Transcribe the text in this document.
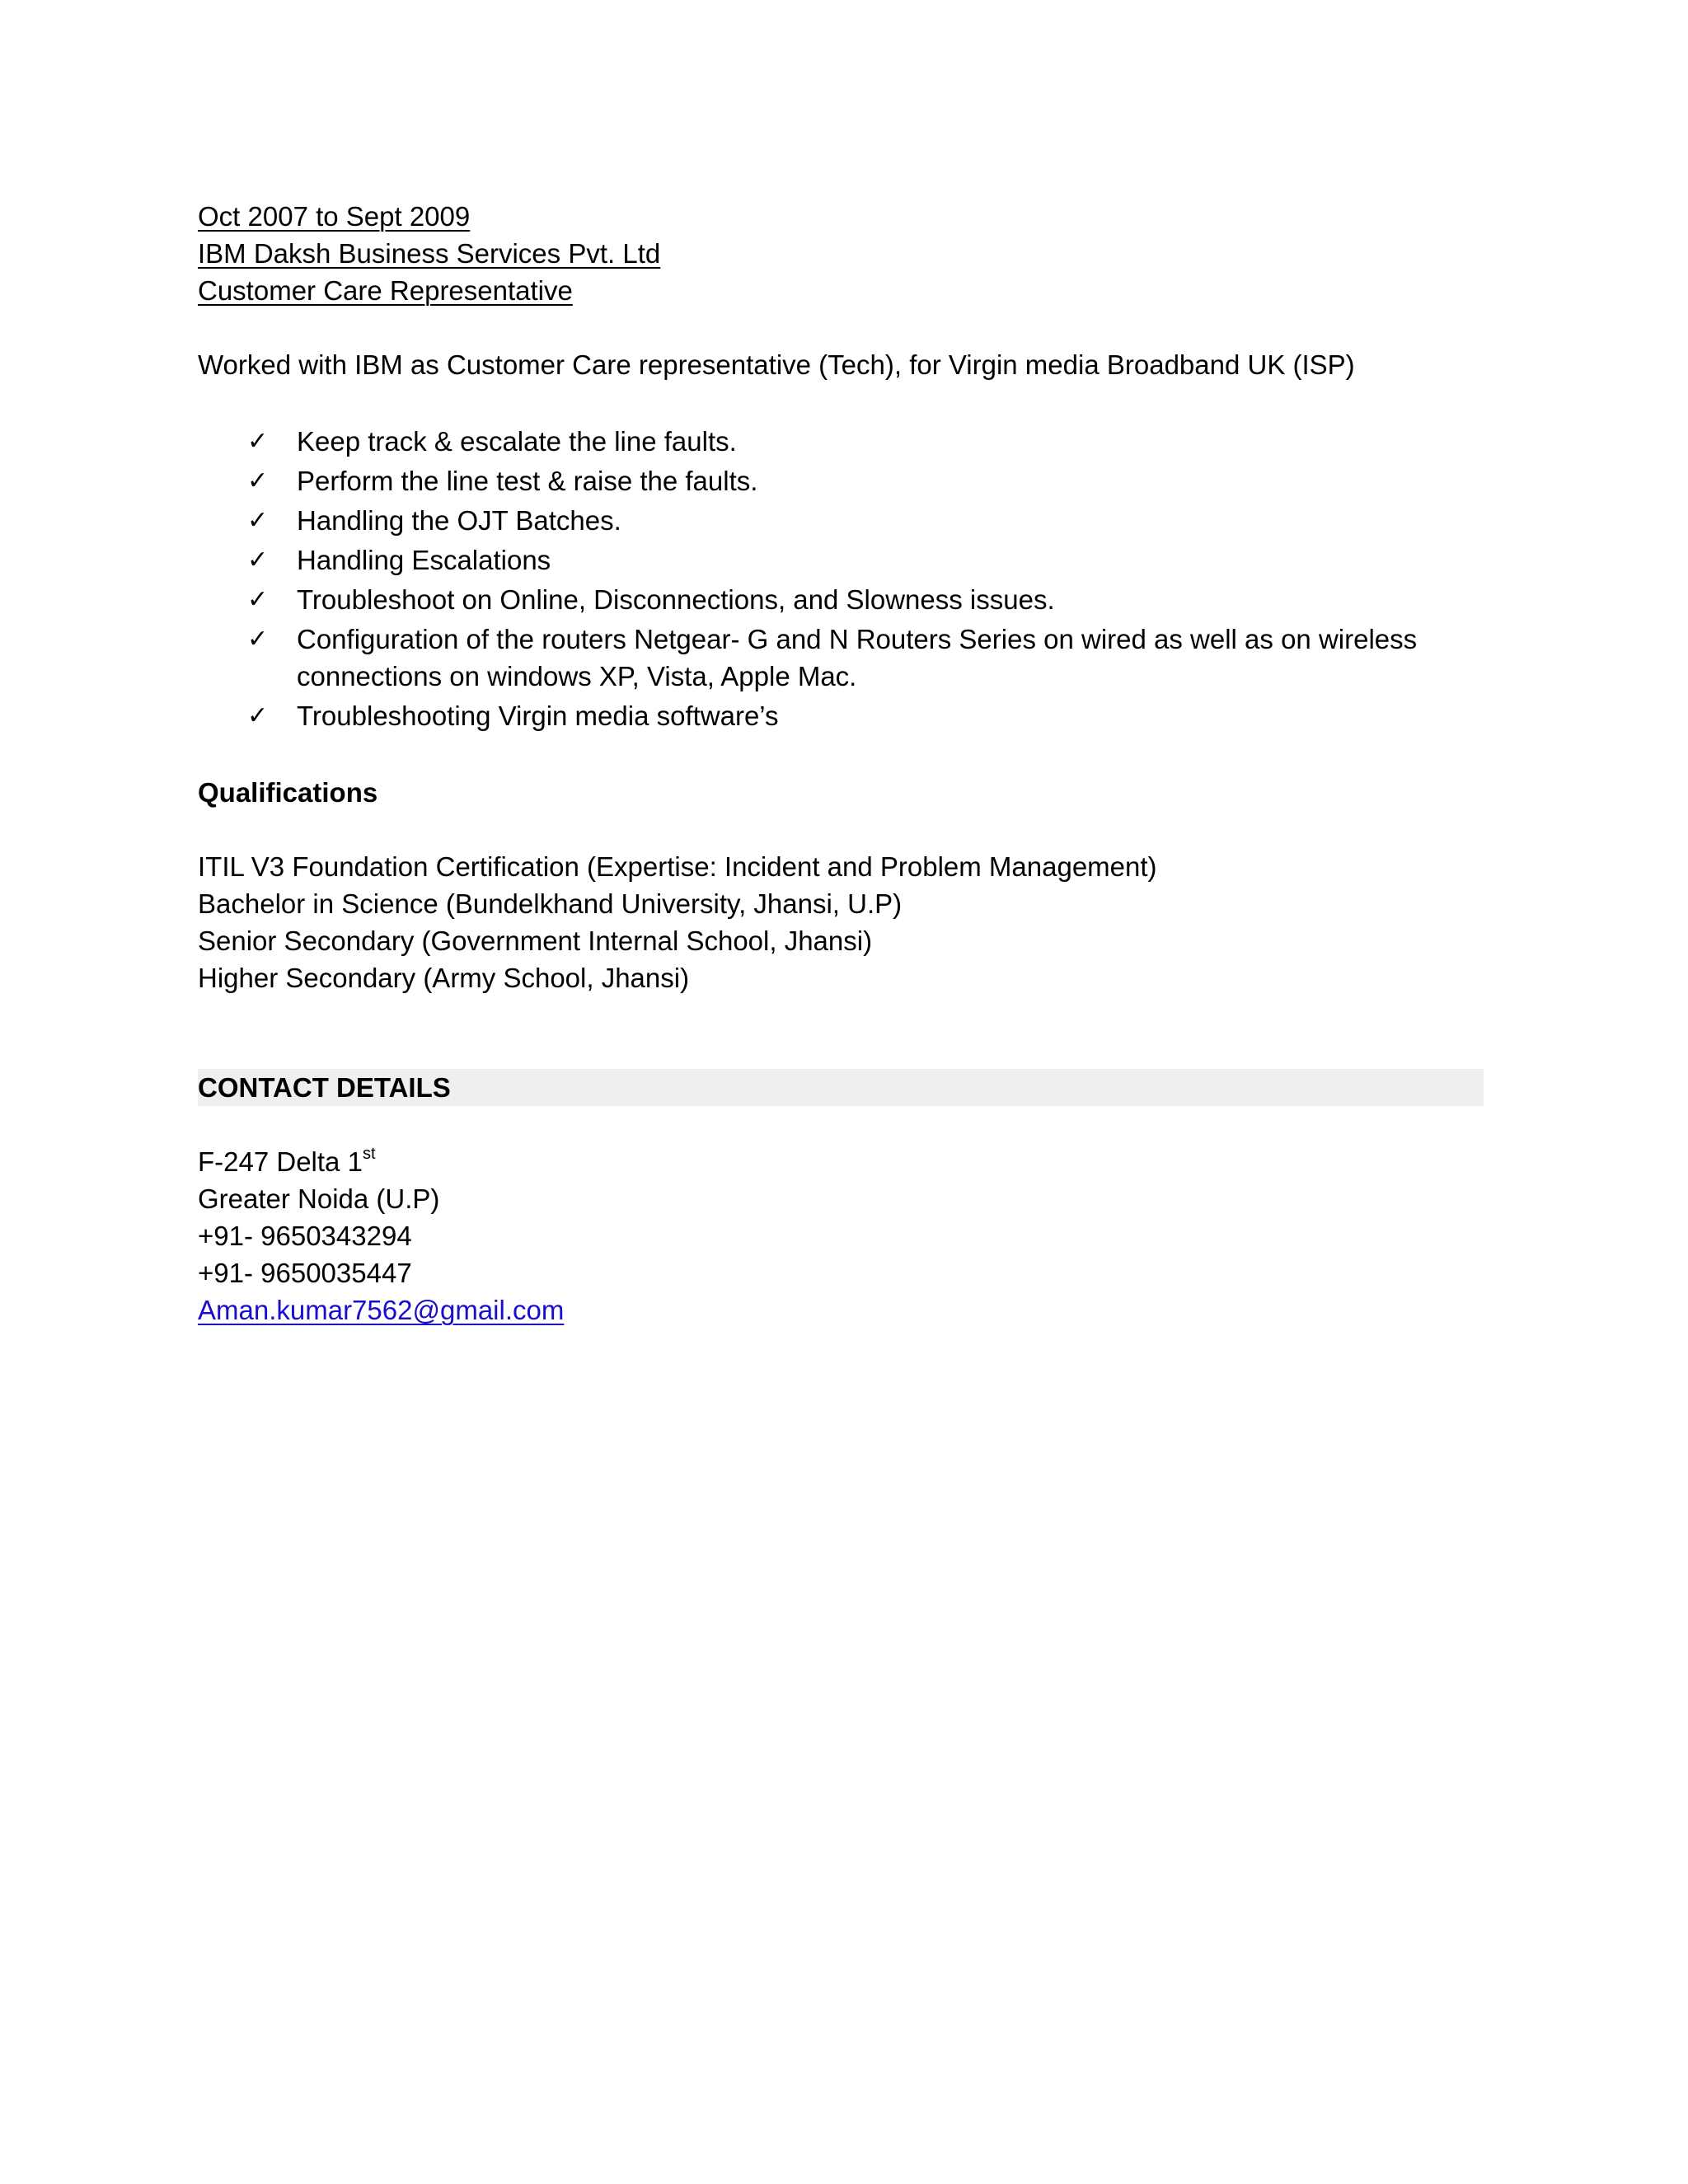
Oct 2007 to Sept 2009
IBM Daksh Business Services Pvt. Ltd
Customer Care Representative
Worked with IBM as Customer Care representative (Tech), for Virgin media Broadband UK (ISP)
✓ Keep track & escalate the line faults.
✓ Perform the line test & raise the faults.
✓ Handling the OJT Batches.
✓ Handling Escalations
✓ Troubleshoot on Online, Disconnections, and Slowness issues.
✓ Configuration of the routers Netgear- G and N Routers Series on wired as well as on wireless connections on windows XP, Vista, Apple Mac.
✓ Troubleshooting Virgin media software’s
Qualifications
ITIL V3 Foundation Certification (Expertise: Incident and Problem Management)
Bachelor in Science (Bundelkhand University, Jhansi, U.P)
Senior Secondary (Government Internal School, Jhansi)
Higher Secondary (Army School, Jhansi)
CONTACT DETAILS
F-247 Delta 1st
Greater Noida (U.P)
+91- 9650343294
+91- 9650035447
Aman.kumar7562@gmail.com
